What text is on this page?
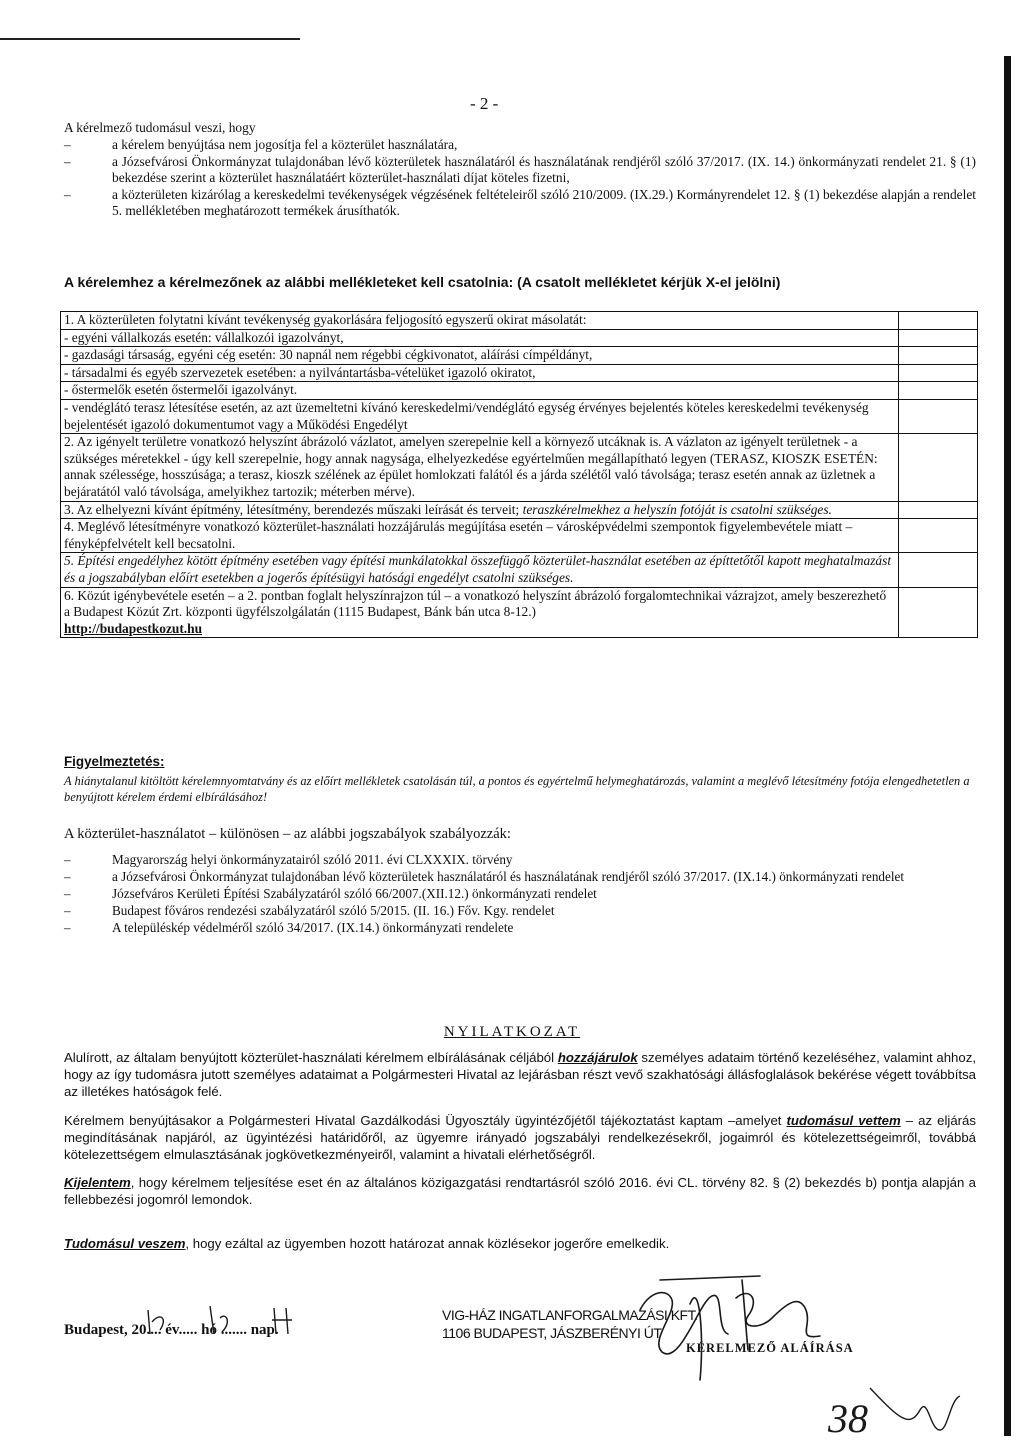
- 2 -
A kérelmező tudomásul veszi, hogy
–	a kérelem benyújtása nem jogosítja fel a közterület használatára,
–	a Józsefvárosi Önkormányzat tulajdonában lévő közterületek használatáról és használatának rendjéről szóló 37/2017. (IX. 14.) önkormányzati rendelet 21. § (1) bekezdése szerint a közterület használatáért közterület-használati díjat köteles fizetni,
–	a közterületen kizárólag a kereskedelmi tevékenységek végzésének feltételeiről szóló 210/2009. (IX.29.) Kormányrendelet 12. § (1) bekezdése alapján a rendelet 5. mellékletében meghatározott termékek árusíthatók.
A kérelemhez a kérelmezőnek az alábbi mellékleteket kell csatolnia: (A csatolt mellékletet kérjük X-el jelölni)
1. A közterületen folytatni kívánt tevékenység gyakorlására feljogosító egyszerű okirat másolatát:	
- egyéni vállalkozás esetén: vállalkozói igazolványt,	
- gazdasági társaság, egyéni cég esetén: 30 napnál nem régebbi cégkivonatot, aláírási címpéldányt,	
- társadalmi és egyéb szervezetek esetében: a nyilvántartásba-vételüket igazoló okiratot,	
- őstermelők esetén őstermelői igazolványt.	
- vendéglátó terasz létesítése esetén, az azt üzemeltetni kívánó kereskedelmi/vendéglátó egység érvényes bejelentés köteles kereskedelmi tevékenység bejelentését igazoló dokumentumot vagy a Működési Engedélyt	
2. Az igényelt területre vonatkozó helyszínt ábrázoló vázlatot, amelyen szerepelnie kell a környező utcáknak is. A vázlaton az igényelt területnek - a szükséges méretekkel - úgy kell szerepelnie, hogy annak nagysága, elhelyezkedése egyértelműen megállapítható legyen (TERASZ, KIOSZK ESETÉN: annak szélessége, hosszúsága; a terasz, kioszk szélének az épület homlokzati falától és a járda szélétől való távolsága; terasz esetén annak az üzletnek a bejáratától való távolsága, amelyikhez tartozik; méterben mérve).	
3. Az elhelyezni kívánt építmény, létesítmény, berendezés műszaki leírását és terveit; teraszkérelmekhez a helyszín fotóját is csatolni szükséges.	
4. Meglévő létesítményre vonatkozó közterület-használati hozzájárulás megújítása esetén – városképvédelmi szempontok figyelembevétele miatt – fényképfelvételt kell becsatolni.	
5. Építési engedélyhez kötött építmény esetében vagy építési munkálatokkal összefüggő közterület-használat esetében az építtetőtől kapott meghatalmazást és a jogszabályban előírt esetekben a jogerős építésügyi hatósági engedélyt csatolni szükséges.	
6. Közút igénybevétele esetén – a 2. pontban foglalt helyszínrajzon túl – a vonatkozó helyszínt ábrázoló forgalomtechnikai vázrajzot, amely beszerezhető a Budapest Közút Zrt. központi ügyfélszolgálatán (1115 Budapest, Bánk bán utca 8-12.)
http://budapestkozut.hu	
Figyelmeztetés:
A hiánytalanul kitöltött kérelemnyomtatvány és az előírt mellékletek csatolásán túl, a pontos és egyértelmű helymeghatározás, valamint a meglévő létesítmény fotója elengedhetetlen a benyújtott kérelem érdemi elbírálásához!
A közterület-használatot – különösen – az alábbi jogszabályok szabályozzák:
–	Magyarország helyi önkormányzatairól szóló 2011. évi CLXXXIX. törvény
–	a Józsefvárosi Önkormányzat tulajdonában lévő közterületek használatáról és használatának rendjéről szóló 37/2017. (IX.14.) önkormányzati rendelet
–	Józsefváros Kerületi Építési Szabályzatáról szóló 66/2007.(XII.12.) önkormányzati rendelet
–	Budapest főváros rendezési szabályzatáról szóló 5/2015. (II. 16.) Főv. Kgy. rendelet
–	A településkép védelméről szóló 34/2017. (IX.14.) önkormányzati rendelete
NYILATKOZAT
Alulírott, az általam benyújtott közterület-használati kérelmem elbírálásának céljából hozzájárulok személyes adataim történő kezeléséhez, valamint ahhoz, hogy az így tudomásra jutott személyes adataimat a Polgármesteri Hivatal az lejárásban részt vevő szakhatósági állásfoglalások bekérése végett továbbítsa az illetékes hatóságok felé.
Kérelmem benyújtásakor a Polgármesteri Hivatal Gazdálkodási Ügyosztály ügyintézőjétől tájékoztatást kaptam –amelyet tudomásul vettem – az eljárás megindításának napjáról, az ügyintézési határidőről, az ügyemre irányadó jogszabályi rendelkezésekről, jogaimról és kötelezettségeimről, továbbá kötelezettségem elmulasztásának jogkövetkezményeiről, valamint a hivatali elérhetőségről.
Kijelentem, hogy kérelmem teljesítése eset én az általános közigazgatási rendtartásról szóló 2016. évi CL. törvény 82. § (2) bekezdés b) pontja alapján a fellebbezési jogomról lemondok.
Tudomásul veszem, hogy ezáltal az ügyemben hozott határozat annak közlésekor jogerőre emelkedik.
Budapest, 20.... év..... hó ....... nap.
VIG-HÁZ INGATLANFORGALMAZÁSI KFT.
1106 BUDAPEST, JÁSZBERÉNYI ÚT
KÉRELMEZŐ ALÁÍRÁSA
38
